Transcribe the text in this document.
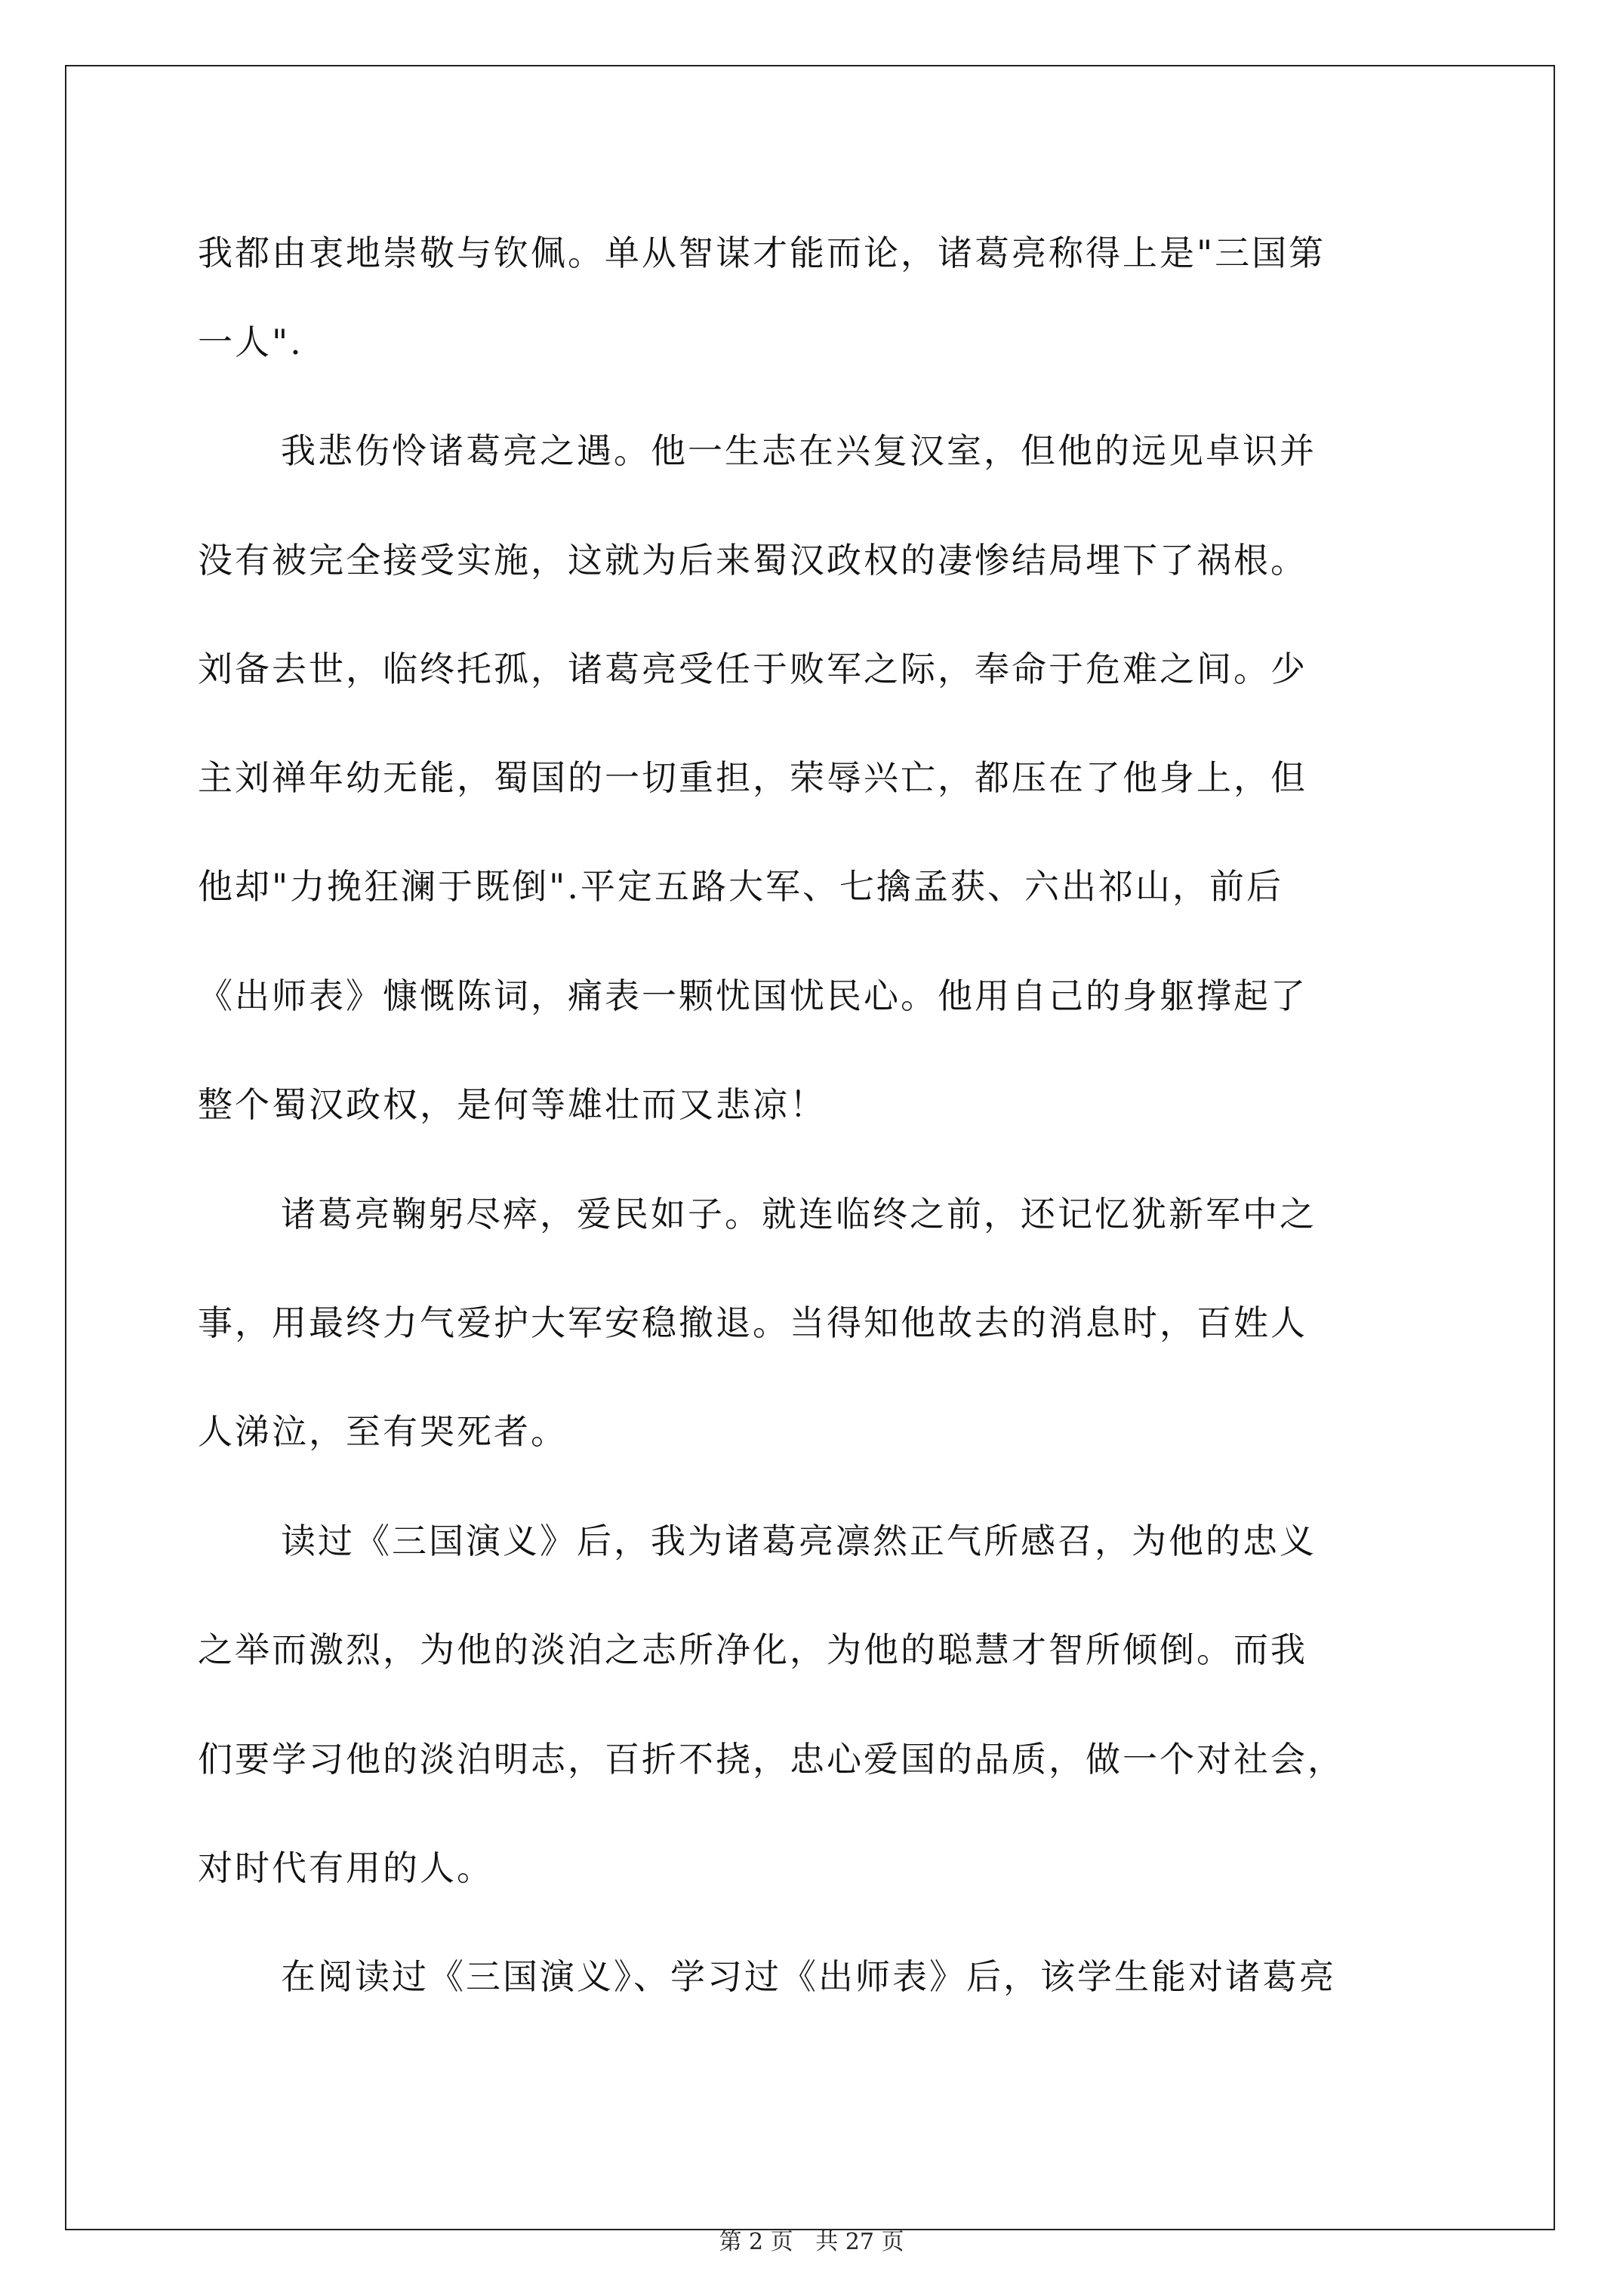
我都由衷地崇敬与钦佩。单从智谋才能而论，诸葛亮称得上是"三国第
一人".
我悲伤怜诸葛亮之遇。他一生志在兴复汉室，但他的远见卓识并
没有被完全接受实施，这就为后来蜀汉政权的凄惨结局埋下了祸根。
刘备去世，临终托孤，诸葛亮受任于败军之际，奉命于危难之间。少
主刘禅年幼无能，蜀国的一切重担，荣辱兴亡，都压在了他身上，但
他却"力挽狂澜于既倒".平定五路大军、七擒孟获、六出祁山，前后
《出师表》慷慨陈词，痛表一颗忧国忧民心。他用自己的身躯撑起了
整个蜀汉政权，是何等雄壮而又悲凉！
诸葛亮鞠躬尽瘁，爱民如子。就连临终之前，还记忆犹新军中之
事，用最终力气爱护大军安稳撤退。当得知他故去的消息时，百姓人
人涕泣，至有哭死者。
读过《三国演义》后，我为诸葛亮凛然正气所感召，为他的忠义
之举而激烈，为他的淡泊之志所净化，为他的聪慧才智所倾倒。而我
们要学习他的淡泊明志，百折不挠，忠心爱国的品质，做一个对社会，
对时代有用的人。
在阅读过《三国演义》、学习过《出师表》后，该学生能对诸葛亮
第 2 页 共 27 页
